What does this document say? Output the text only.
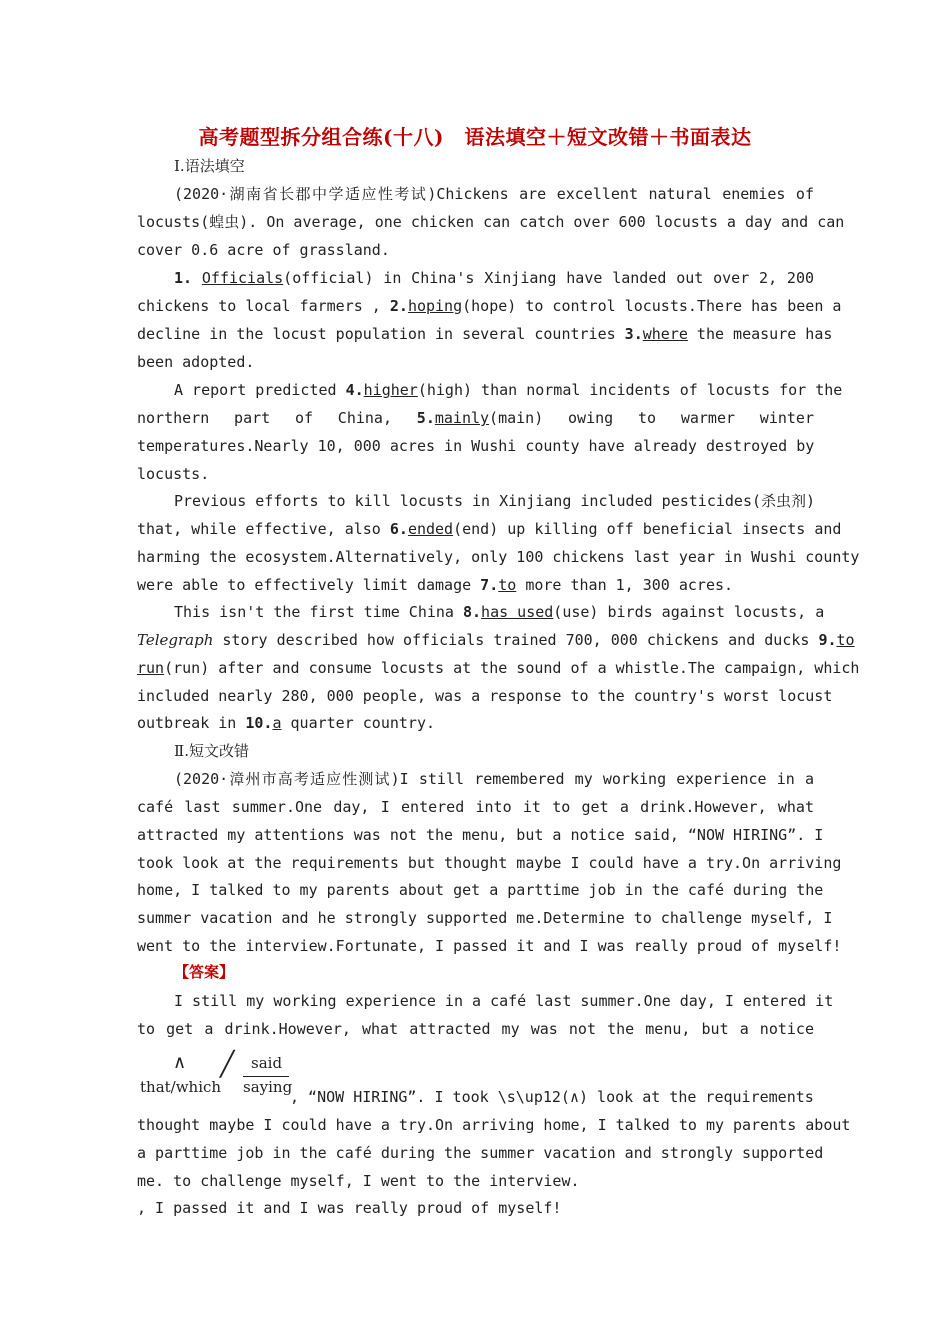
高考题型拆分组合练(十八)　语法填空＋短文改错＋书面表达
Ⅰ.语法填空
(2020·湖南省长郡中学适应性考试)Chickens are excellent natural enemies of
locusts(蝗虫). On average, one chicken can catch over 600 locusts a day and can
cover 0.6 acre of grassland.
1. Officials(official) in China's Xinjiang have landed out over 2, 200
chickens to local farmers , 2.hoping(hope) to control locusts.There has been a
decline in the locust population in several countries 3.where the measure has
been adopted.
A report predicted 4.higher(high) than normal incidents of locusts for the
northern part of China, 5.mainly(main) owing to warmer winter
temperatures.Nearly 10, 000 acres in Wushi county have already destroyed by
locusts.
Previous efforts to kill locusts in Xinjiang included pesticides(杀虫剂)
that, while effective, also 6.ended(end) up killing off beneficial insects and
harming the ecosystem.Alternatively, only 100 chickens last year in Wushi county
were able to effectively limit damage 7.to more than 1, 300 acres.
This isn't the first time China 8.has used(use) birds against locusts, a
Telegraph story described how officials trained 700, 000 chickens and ducks 9.to
run(run) after and consume locusts at the sound of a whistle.The campaign, which
included nearly 280, 000 people, was a response to the country's worst locust
outbreak in 10.a quarter country.
Ⅱ.短文改错
(2020·漳州市高考适应性测试)I still remembered my working experience in a
café last summer.One day, I entered into it to get a drink.However, what
attracted my attentions was not the menu, but a notice said, “NOW HIRING”. I
took look at the requirements but thought maybe I could have a try.On arriving
home, I talked to my parents about get a parttime job in the café during the
summer vacation and he strongly supported me.Determine to challenge myself, I
went to the interview.Fortunate, I passed it and I was really proud of myself!
【答案】
I still my working experience in a café last summer.One day, I entered it
to get a drink.However, what attracted my was not the menu, but a notice
∧
that/which
╱ said
saying
, “NOW HIRING”. I took \s\up12(∧) look at the requirements
thought maybe I could have a try.On arriving home, I talked to my parents about
a parttime job in the café during the summer vacation and strongly supported
me. to challenge myself, I went to the interview.
, I passed it and I was really proud of myself!
